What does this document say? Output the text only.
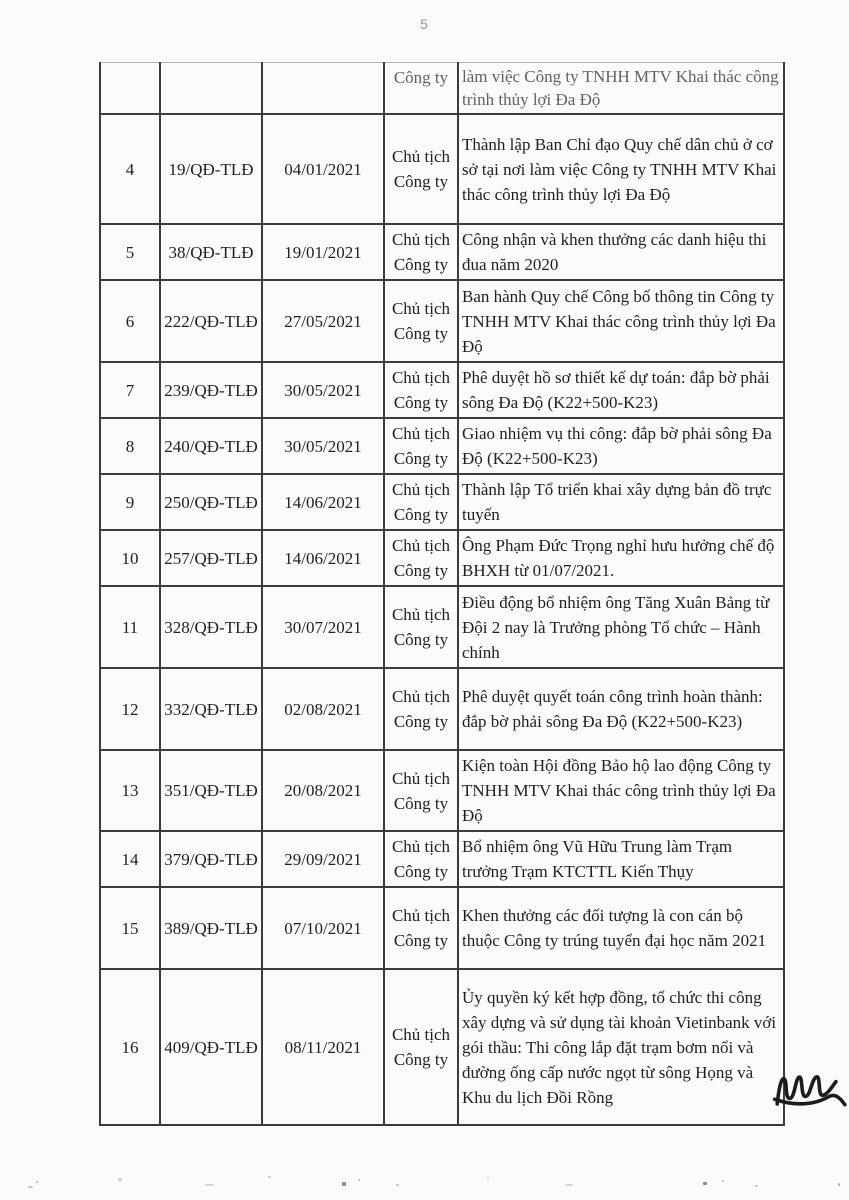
5
			Công ty	làm việc Công ty TNHH MTV Khai thác công trình thủy lợi Đa Độ
4	19/QĐ-TLĐ	04/01/2021	Chủ tịch Công ty	Thành lập Ban Chỉ đạo Quy chế dân chủ ở cơ sở tại nơi làm việc Công ty TNHH MTV Khai thác công trình thủy lợi Đa Độ
5	38/QĐ-TLĐ	19/01/2021	Chủ tịch Công ty	Công nhận và khen thưởng các danh hiệu thi đua năm 2020
6	222/QĐ-TLĐ	27/05/2021	Chủ tịch Công ty	Ban hành Quy chế Công bố thông tin Công ty TNHH MTV Khai thác công trình thủy lợi Đa Độ
7	239/QĐ-TLĐ	30/05/2021	Chủ tịch Công ty	Phê duyệt hồ sơ thiết kế dự toán: đắp bờ phải sông Đa Độ (K22+500-K23)
8	240/QĐ-TLĐ	30/05/2021	Chủ tịch Công ty	Giao nhiệm vụ thi công: đắp bờ phải sông Đa Độ (K22+500-K23)
9	250/QĐ-TLĐ	14/06/2021	Chủ tịch Công ty	Thành lập Tổ triển khai xây dựng bản đồ trực tuyến
10	257/QĐ-TLĐ	14/06/2021	Chủ tịch Công ty	Ông Phạm Đức Trọng nghỉ hưu hưởng chế độ BHXH từ 01/07/2021.
11	328/QĐ-TLĐ	30/07/2021	Chủ tịch Công ty	Điều động bổ nhiệm ông Tăng Xuân Bảng từ Đội 2 nay là Trưởng phòng Tổ chức – Hành chính
12	332/QĐ-TLĐ	02/08/2021	Chủ tịch Công ty	Phê duyệt quyết toán công trình hoàn thành: đắp bờ phải sông Đa Độ (K22+500-K23)
13	351/QĐ-TLĐ	20/08/2021	Chủ tịch Công ty	Kiện toàn Hội đồng Bảo hộ lao động Công ty TNHH MTV Khai thác công trình thủy lợi Đa Độ
14	379/QĐ-TLĐ	29/09/2021	Chủ tịch Công ty	Bổ nhiệm ông Vũ Hữu Trung làm Trạm trưởng Trạm KTCTTL Kiến Thụy
15	389/QĐ-TLĐ	07/10/2021	Chủ tịch Công ty	Khen thưởng các đối tượng là con cán bộ thuộc Công ty trúng tuyển đại học năm 2021
16	409/QĐ-TLĐ	08/11/2021	Chủ tịch Công ty	Ủy quyền ký kết hợp đồng, tổ chức thi công xây dựng và sử dụng tài khoản Vietinbank với gói thầu: Thi công lắp đặt trạm bơm nổi và đường ống cấp nước ngọt từ sông Họng và Khu du lịch Đồi Rồng
